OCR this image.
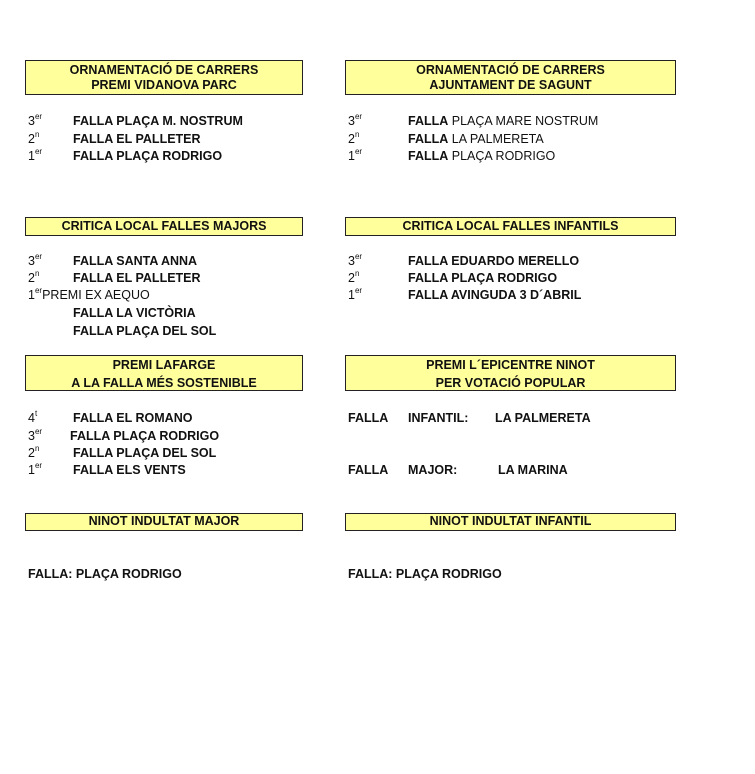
ORNAMENTACIÓ DE CARRERS
PREMI VIDANOVA PARC
3er FALLA PLAÇA M. NOSTRUM
2$^n$	FALLA EL PALLETER
1er FALLA PLAÇA RODRIGO
CRITICA LOCAL FALLES MAJORS
3er FALLA SANTA ANNA
2$^n$	FALLA EL PALLETER
1erPREMI EX AEQUO
FALLA LA VICTÒRIA
FALLA PLAÇA DEL SOL
PREMI LAFARGE
A LA FALLA MÉS SOSTENIBLE
4$^t$	FALLA EL ROMANO
3er FALLA PLAÇA RODRIGO
2$^n$	FALLA PLAÇA DEL SOL
1er FALLA ELS VENTS
NINOT INDULTAT MAJOR
FALLA: PLAÇA RODRIGO
ORNAMENTACIÓ DE CARRERS
AJUNTAMENT DE SAGUNT
3er	FALLA PLAÇA MARE NOSTRUM
2$^n$	FALLA LA PALMERETA
1er	FALLA PLAÇA RODRIGO
CRITICA LOCAL FALLES INFANTILS
3er	FALLA EDUARDO MERELLO
2$^n$	FALLA PLAÇA RODRIGO
1er	FALLA AVINGUDA 3 D´ABRIL
PREMI L´EPICENTRE NINOT
PER VOTACIÓ POPULAR
FALLA INFANTIL: LA PALMERETA
FALLA MAJOR:	LA MARINA
NINOT INDULTAT INFANTIL
FALLA: PLAÇA RODRIGO
